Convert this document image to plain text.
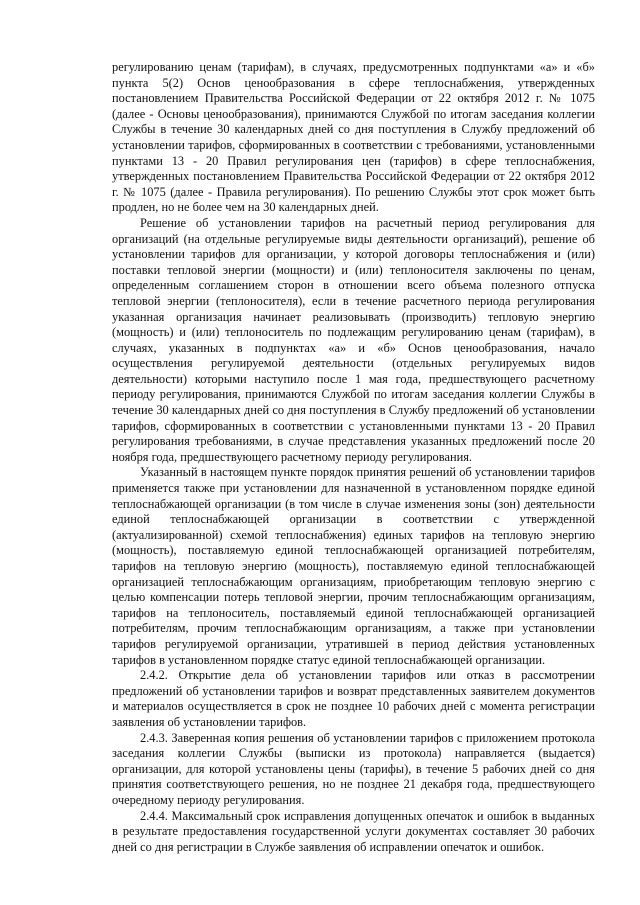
регулированию ценам (тарифам), в случаях, предусмотренных подпунктами «а» и «б» пункта 5(2) Основ ценообразования в сфере теплоснабжения, утвержденных постановлением Правительства Российской Федерации от 22 октября 2012 г. № 1075 (далее - Основы ценообразования), принимаются Службой по итогам заседания коллегии Службы в течение 30 календарных дней со дня поступления в Службу предложений об установлении тарифов, сформированных в соответствии с требованиями, установленными пунктами 13 - 20 Правил регулирования цен (тарифов) в сфере теплоснабжения, утвержденных постановлением Правительства Российской Федерации от 22 октября 2012 г. № 1075 (далее - Правила регулирования). По решению Службы этот срок может быть продлен, но не более чем на 30 календарных дней.

Решение об установлении тарифов на расчетный период регулирования для организаций (на отдельные регулируемые виды деятельности организаций), решение об установлении тарифов для организации, у которой договоры теплоснабжения и (или) поставки тепловой энергии (мощности) и (или) теплоносителя заключены по ценам, определенным соглашением сторон в отношении всего объема полезного отпуска тепловой энергии (теплоносителя), если в течение расчетного периода регулирования указанная организация начинает реализовывать (производить) тепловую энергию (мощность) и (или) теплоноситель по подлежащим регулированию ценам (тарифам), в случаях, указанных в подпунктах «а» и «б» Основ ценообразования, начало осуществления регулируемой деятельности (отдельных регулируемых видов деятельности) которыми наступило после 1 мая года, предшествующего расчетному периоду регулирования, принимаются Службой по итогам заседания коллегии Службы в течение 30 календарных дней со дня поступления в Службу предложений об установлении тарифов, сформированных в соответствии с установленными пунктами 13 - 20 Правил регулирования требованиями, в случае представления указанных предложений после 20 ноября года, предшествующего расчетному периоду регулирования.

Указанный в настоящем пункте порядок принятия решений об установлении тарифов применяется также при установлении для назначенной в установленном порядке единой теплоснабжающей организации (в том числе в случае изменения зоны (зон) деятельности единой теплоснабжающей организации в соответствии с утвержденной (актуализированной) схемой теплоснабжения) единых тарифов на тепловую энергию (мощность), поставляемую единой теплоснабжающей организацией потребителям, тарифов на тепловую энергию (мощность), поставляемую единой теплоснабжающей организацией теплоснабжающим организациям, приобретающим тепловую энергию с целью компенсации потерь тепловой энергии, прочим теплоснабжающим организациям, тарифов на теплоноситель, поставляемый единой теплоснабжающей организацией потребителям, прочим теплоснабжающим организациям, а также при установлении тарифов регулируемой организации, утратившей в период действия установленных тарифов в установленном порядке статус единой теплоснабжающей организации.

2.4.2. Открытие дела об установлении тарифов или отказ в рассмотрении предложений об установлении тарифов и возврат представленных заявителем документов и материалов осуществляется в срок не позднее 10 рабочих дней с момента регистрации заявления об установлении тарифов.

2.4.3. Заверенная копия решения об установлении тарифов с приложением протокола заседания коллегии Службы (выписки из протокола) направляется (выдается) организации, для которой установлены цены (тарифы), в течение 5 рабочих дней со дня принятия соответствующего решения, но не позднее 21 декабря года, предшествующего очередному периоду регулирования.

2.4.4. Максимальный срок исправления допущенных опечаток и ошибок в выданных в результате предоставления государственной услуги документах составляет 30 рабочих дней со дня регистрации в Службе заявления об исправлении опечаток и ошибок.
